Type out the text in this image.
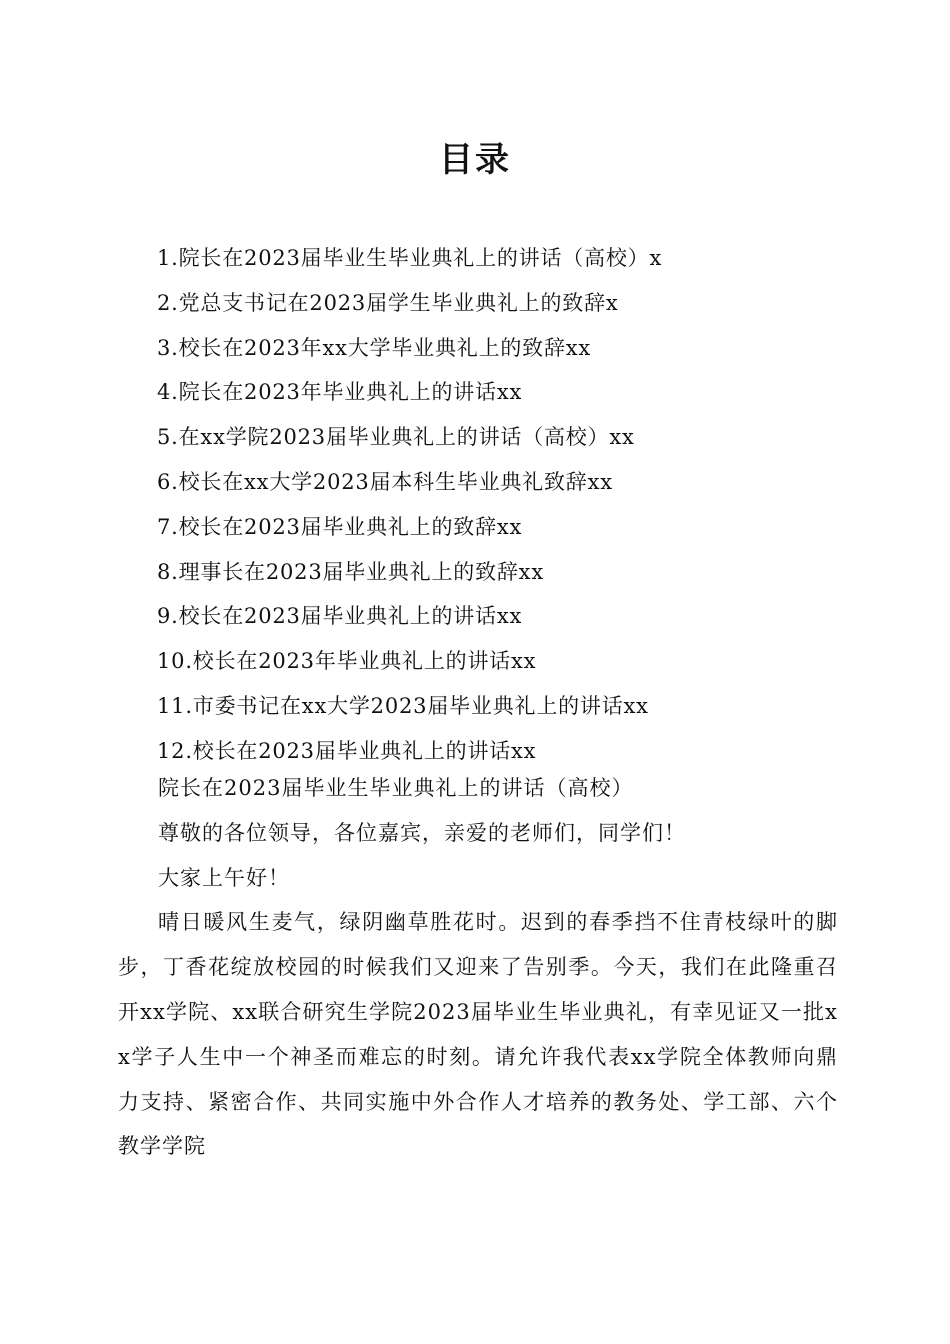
目录
1.院长在2023届毕业生毕业典礼上的讲话（高校）x
2.党总支书记在2023届学生毕业典礼上的致辞x
3.校长在2023年xx大学毕业典礼上的致辞xx
4.院长在2023年毕业典礼上的讲话xx
5.在xx学院2023届毕业典礼上的讲话（高校）xx
6.校长在xx大学2023届本科生毕业典礼致辞xx
7.校长在2023届毕业典礼上的致辞xx
8.理事长在2023届毕业典礼上的致辞xx
9.校长在2023届毕业典礼上的讲话xx
10.校长在2023年毕业典礼上的讲话xx
11.市委书记在xx大学2023届毕业典礼上的讲话xx
12.校长在2023届毕业典礼上的讲话xx

院长在2023届毕业生毕业典礼上的讲话（高校）

尊敬的各位领导，各位嘉宾，亲爱的老师们，同学们！

大家上午好！

晴日暖风生麦气，绿阴幽草胜花时。迟到的春季挡不住青枝绿叶的脚步，丁香花绽放校园的时候我们又迎来了告别季。今天，我们在此隆重召开xx学院、xx联合研究生学院2023届毕业生毕业典礼，有幸见证又一批xx学子人生中一个神圣而难忘的时刻。请允许我代表xx学院全体教师向鼎力支持、紧密合作、共同实施中外合作人才培养的教务处、学工部、六个教学学院
